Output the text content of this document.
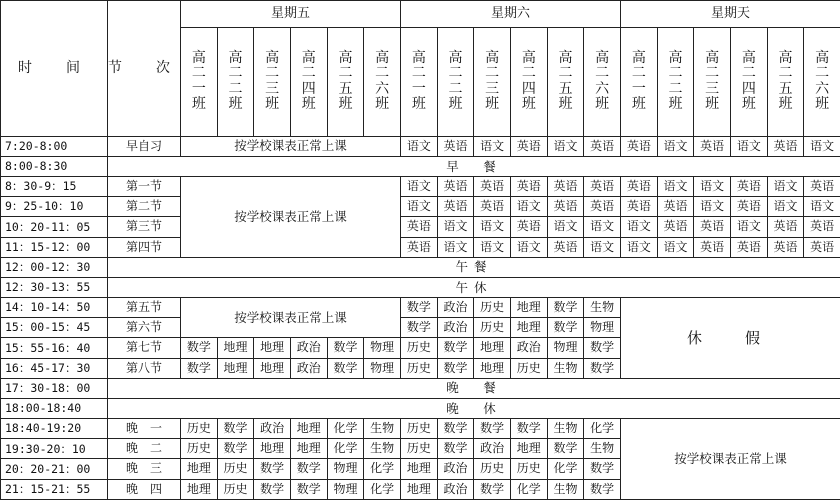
时　间	节　次	星期五						星期六						星期天					

		高
二
一
班	高
二
二
班	高
二
三
班	高
二
四
班	高
二
五
班	高
二
六
班	高
二
一
班	高
二
二
班	高
二
三
班	高
二
四
班	高
二
五
班	高
二
六
班	高
二
一
班	高
二
二
班	高
二
三
班	高
二
四
班	高
二
五
班	高
二
六
班

7:20-8:00	早自习	按学校课表正常上课						语文	英语	语文	英语	语文	英语	英语	语文	英语	语文	英语	语文
8:00-8:30	早　餐																		
8：30-9：15	第一节	按学校课表正常上课						语文	英语	英语	英语	英语	英语	英语	语文	语文	英语	语文	英语
9：25-10：10	第二节							语文	英语	英语	语文	英语	英语	英语	英语	语文	英语	语文	语文
10：20-11：05	第三节							英语	语文	语文	英语	语文	语文	语文	英语	英语	语文	英语	英语
11：15-12：00	第四节							英语	语文	语文	语文	英语	语文	语文	语文	英语	英语	英语	英语
12：00-12：30	午餐																		
12：30-13：55	午休																		
14：10-14：50	第五节	按学校课表正常上课						数学	政治	历史	地理	数学	生物	休　假					
15：00-15：45	第六节							数学	政治	历史	地理	数学	物理						
15：55-16：40	第七节	数学	地理	地理	政治	数学	物理	历史	数学	地理	政治	物理	数学						
16：45-17：30	第八节	数学	地理	地理	政治	数学	物理	历史	数学	地理	历史	生物	数学						
17：30-18：00	晚　餐																		
18:00-18:40	晚　休																		
18:40-19:20	晚　一	历史	数学	政治	地理	化学	生物	历史	数学	数学	数学	生物	化学	按学校课表正常上课					
19:30-20：10	晚　二	历史	数学	地理	地理	化学	生物	历史	数学	政治	地理	数学	生物						
20：20-21：00	晚　三	地理	历史	数学	数学	物理	化学	地理	政治	历史	历史	化学	数学						
21：15-21：55	晚　四	地理	历史	数学	数学	物理	化学	地理	政治	数学	化学	生物	数学						
